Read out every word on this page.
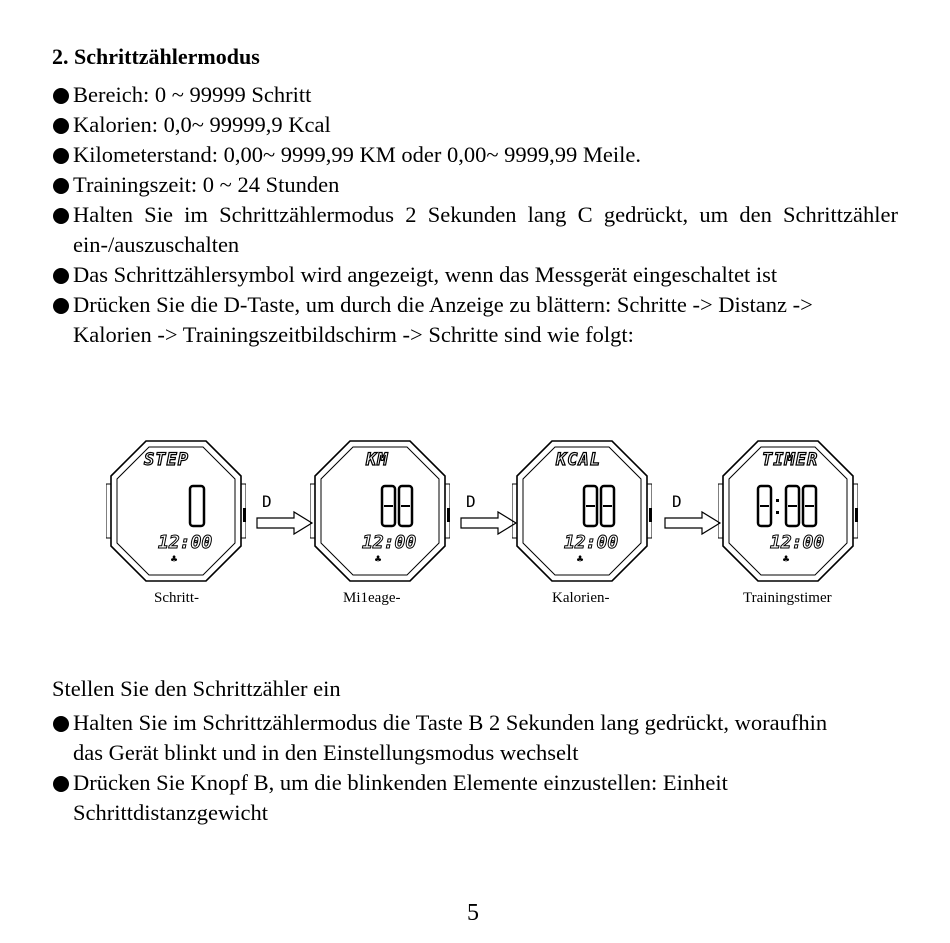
2. Schrittzählermodus
Bereich: 0 ~ 99999 Schritt
Kalorien: 0,0~ 99999,9 Kcal
Kilometerstand: 0,00~ 9999,99 KM oder 0,00~ 9999,99 Meile.
Trainingszeit: 0 ~ 24 Stunden
Halten Sie im Schrittzählermodus 2 Sekunden lang C gedrückt, um den Schrittzähler ein-/auszuschalten
Das Schrittzählersymbol wird angezeigt, wenn das Messgerät eingeschaltet ist
Drücken Sie die D-Taste, um durch die Anzeige zu blättern: Schritte -> Distanz -> Kalorien -> Trainingszeitbildschirm -> Schritte sind wie folgt:
12:00
♣
STEP
D
12:00
♣
KM
D
12:00
♣
KCAL
D
12:00
♣
TIMER
Schritt-	Mi1eage-	Kalorien-	Trainingstimer
Stellen Sie den Schrittzähler ein
Halten Sie im Schrittzählermodus die Taste B 2 Sekunden lang gedrückt, woraufhin das Gerät blinkt und in den Einstellungsmodus wechselt
Drücken Sie Knopf B, um die blinkenden Elemente einzustellen: Einheit Schrittdistanzgewicht
5
